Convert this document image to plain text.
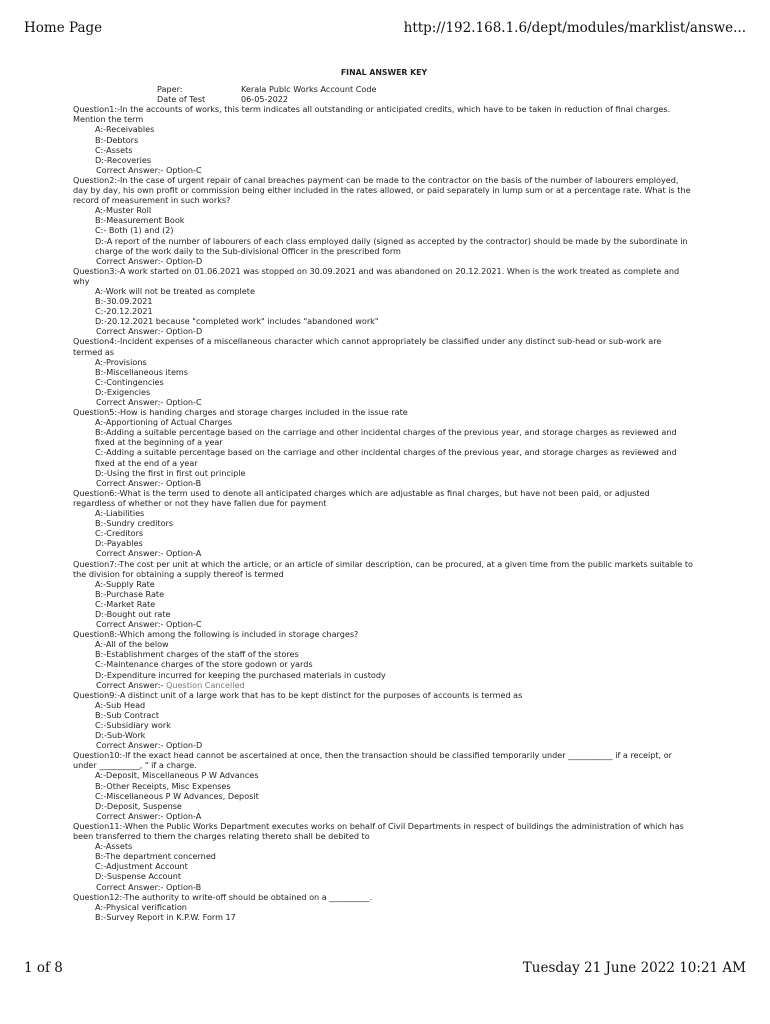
Home Page	http://192.168.1.6/dept/modules/marklist/answe...
FINAL ANSWER KEY
Paper:	Kerala Publc Works Account Code
Date of Test	06-05-2022
Question1:-In the accounts of works, this term indicates all outstanding or anticipated credits, which have to be taken in reduction of final charges. Mention the term
A:-Receivables
B:-Debtors
C:-Assets
D:-Recoveries
Correct Answer:- Option-C
Question2:-In the case of urgent repair of canal breaches payment can be made to the contractor on the basis of the number of labourers employed, day by day, his own profit or commission being either included in the rates allowed, or paid separately in lump sum or at a percentage rate. What is the record of measurement in such works?
A:-Muster Roll
B:-Measurement Book
C:- Both (1) and (2)
D:-A report of the number of labourers of each class employed daily (signed as accepted by the contractor) should be made by the subordinate in charge of the work daily to the Sub-divisional Officer in the prescribed form
Correct Answer:- Option-D
Question3:-A work started on 01.06.2021 was stopped on 30.09.2021 and was abandoned on 20.12.2021. When is the work treated as complete and why
A:-Work will not be treated as complete
B:-30.09.2021
C:-20.12.2021
D:-20.12.2021 because "completed work" includes "abandoned work"
Correct Answer:- Option-D
Question4:-Incident expenses of a miscellaneous character which cannot appropriately be classified under any distinct sub-head or sub-work are termed as
A:-Provisions
B:-Miscellaneous items
C:-Contingencies
D:-Exigencies
Correct Answer:- Option-C
Question5:-How is handing charges and storage charges included in the issue rate
A:-Apportioning of Actual Charges
B:-Adding a suitable percentage based on the carriage and other incidental charges of the previous year, and storage charges as reviewed and fixed at the beginning of a year
C:-Adding a suitable percentage based on the carriage and other incidental charges of the previous year, and storage charges as reviewed and fixed at the end of a year
D:-Using the first in first out principle
Correct Answer:- Option-B
Question6:-What is the term used to denote all anticipated charges which are adjustable as final charges, but have not been paid, or adjusted regardless of whether or not they have fallen due for payment
A:-Liabilities
B:-Sundry creditors
C:-Creditors
D:-Payables
Correct Answer:- Option-A
Question7:-The cost per unit at which the article, or an article of similar description, can be procured, at a given time from the public markets suitable to the division for obtaining a supply thereof is termed
A:-Supply Rate
B:-Purchase Rate
C:-Market Rate
D:-Bought out rate
Correct Answer:- Option-C
Question8:-Which among the following is included in storage charges?
A:-All of the below
B:-Establishment charges of the staff of the stores
C:-Maintenance charges of the store godown or yards
D:-Expenditure incurred for keeping the purchased materials in custody
Correct Answer:- Question Cancelled
Question9:-A distinct unit of a large work that has to be kept distinct for the purposes of accounts is termed as
A:-Sub Head
B:-Sub Contract
C:-Subsidiary work
D:-Sub-Work
Correct Answer:- Option-D
Question10:-If the exact head cannot be ascertained at once, then the transaction should be classified temporarily under ___________ if a receipt, or under __________, " if a charge.
A:-Deposit, Miscellaneous P W Advances
B:-Other Receipts, Misc Expenses
C:-Miscellaneous P W Advances, Deposit
D:-Deposit, Suspense
Correct Answer:- Option-A
Question11:-When the Public Works Department executes works on behalf of Civil Departments in respect of buildings the administration of which has been transferred to them the charges relating thereto shall be debited to
A:-Assets
B:-The department concerned
C:-Adjustment Account
D:-Suspense Account
Correct Answer:- Option-B
Question12:-The authority to write-off should be obtained on a __________.
A:-Physical verification
B:-Survey Report in K.P.W. Form 17
1 of 8	Tuesday 21 June 2022 10:21 AM
